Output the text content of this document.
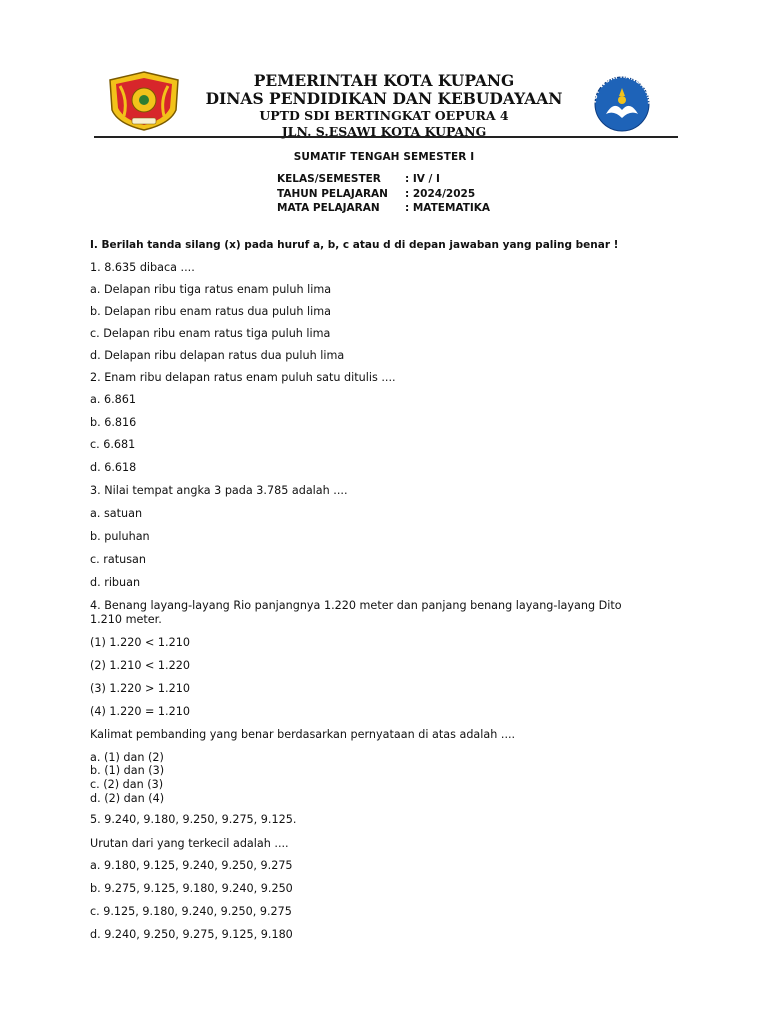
PEMERINTAH KOTA KUPANG
DINAS PENDIDIKAN DAN KEBUDAYAAN
UPTD SDI BERTINGKAT OEPURA 4
JLN. S.ESAWI KOTA KUPANG
TUT WURI HANDAYANI
SUMATIF TENGAH SEMESTER I
KELAS/SEMESTER : IV / I
TAHUN PELAJARAN : 2024/2025
MATA PELAJARAN : MATEMATIKA
I. Berilah tanda silang (x) pada huruf a, b, c atau d di depan jawaban yang paling benar !
1. 8.635 dibaca ....
a. Delapan ribu tiga ratus enam puluh lima
b. Delapan ribu enam ratus dua puluh lima
c. Delapan ribu enam ratus tiga puluh lima
d. Delapan ribu delapan ratus dua puluh lima
2. Enam ribu delapan ratus enam puluh satu ditulis ....
a. 6.861
b. 6.816
c. 6.681
d. 6.618
3. Nilai tempat angka 3 pada 3.785 adalah ....
a. satuan
b. puluhan
c. ratusan
d. ribuan
4. Benang layang-layang Rio panjangnya 1.220 meter dan panjang benang layang-layang Dito 1.210 meter.
(1) 1.220 < 1.210
(2) 1.210 < 1.220
(3) 1.220 > 1.210
(4) 1.220 = 1.210
Kalimat pembanding yang benar berdasarkan pernyataan di atas adalah ....
a. (1) dan (2)
b. (1) dan (3)
c. (2) dan (3)
d. (2) dan (4)
5. 9.240, 9.180, 9.250, 9.275, 9.125.
Urutan dari yang terkecil adalah ....
a. 9.180, 9.125, 9.240, 9.250, 9.275
b. 9.275, 9.125, 9.180, 9.240, 9.250
c. 9.125, 9.180, 9.240, 9.250, 9.275
d. 9.240, 9.250, 9.275, 9.125, 9.180
